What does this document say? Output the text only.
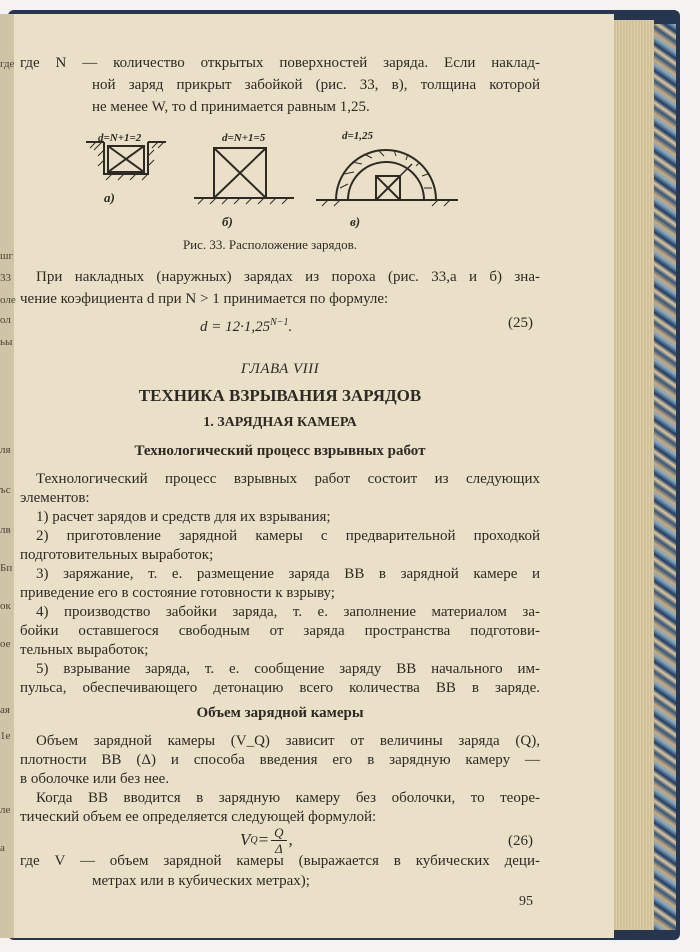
где N — количество открытых поверхностей заряда. Если наклад-
ной заряд прикрыт забойкой (рис. 33, в), толщина которой
не менее W, то d принимается равным 1,25.
d=N+1=2	d=N+1=5	d=1,25
а)
б)	в)
Рис. 33. Расположение зарядов.
При накладных (наружных) зарядах из пороха (рис. 33,а и б) зна-
чение коэфициента d при N > 1 принимается по формуле:
$d = 12\cdot 1,25^{N-1}$.	(25)
ГЛАВА VIII
ТЕХНИКА ВЗРЫВАНИЯ ЗАРЯДОВ
1. ЗАРЯДНАЯ КАМЕРА
Технологический процесс взрывных работ
Технологический процесс взрывных работ состоит из следующих
элементов:
1) расчет зарядов и средств для их взрывания;
2) приготовление зарядной камеры с предварительной проходкой
подготовительных выработок;
3) заряжание, т. е. размещение заряда ВВ в зарядной камере и
приведение его в состояние готовности к взрыву;
4) производство забойки заряда, т. е. заполнение материалом за-
бойки оставшегося свободным от заряда пространства подготови-
тельных выработок;
5) взрывание заряда, т. е. сообщение заряду ВВ начального им-
пульса, обеспечивающего детонацию всего количества ВВ в заряде.
Объем зарядной камеры
Объем зарядной камеры (V_Q) зависит от величины заряда (Q),
плотности ВВ (Δ) и способа введения его в зарядную камеру —
в оболочке или без нее.
Когда ВВ вводится в зарядную камеру без оболочки, то теоре-
тический объем ее определяется следующей формулой:
V $Q = \frac{Q}{\Delta}$ ,	(26)
где V — объем зарядной камеры (выражается в кубических деци-
метрах или в кубических метрах);
95
где
шг
33
оле
ол
ьы
ля
ъс
лв
Бп
ок
ое
ая
1е
ле
а
